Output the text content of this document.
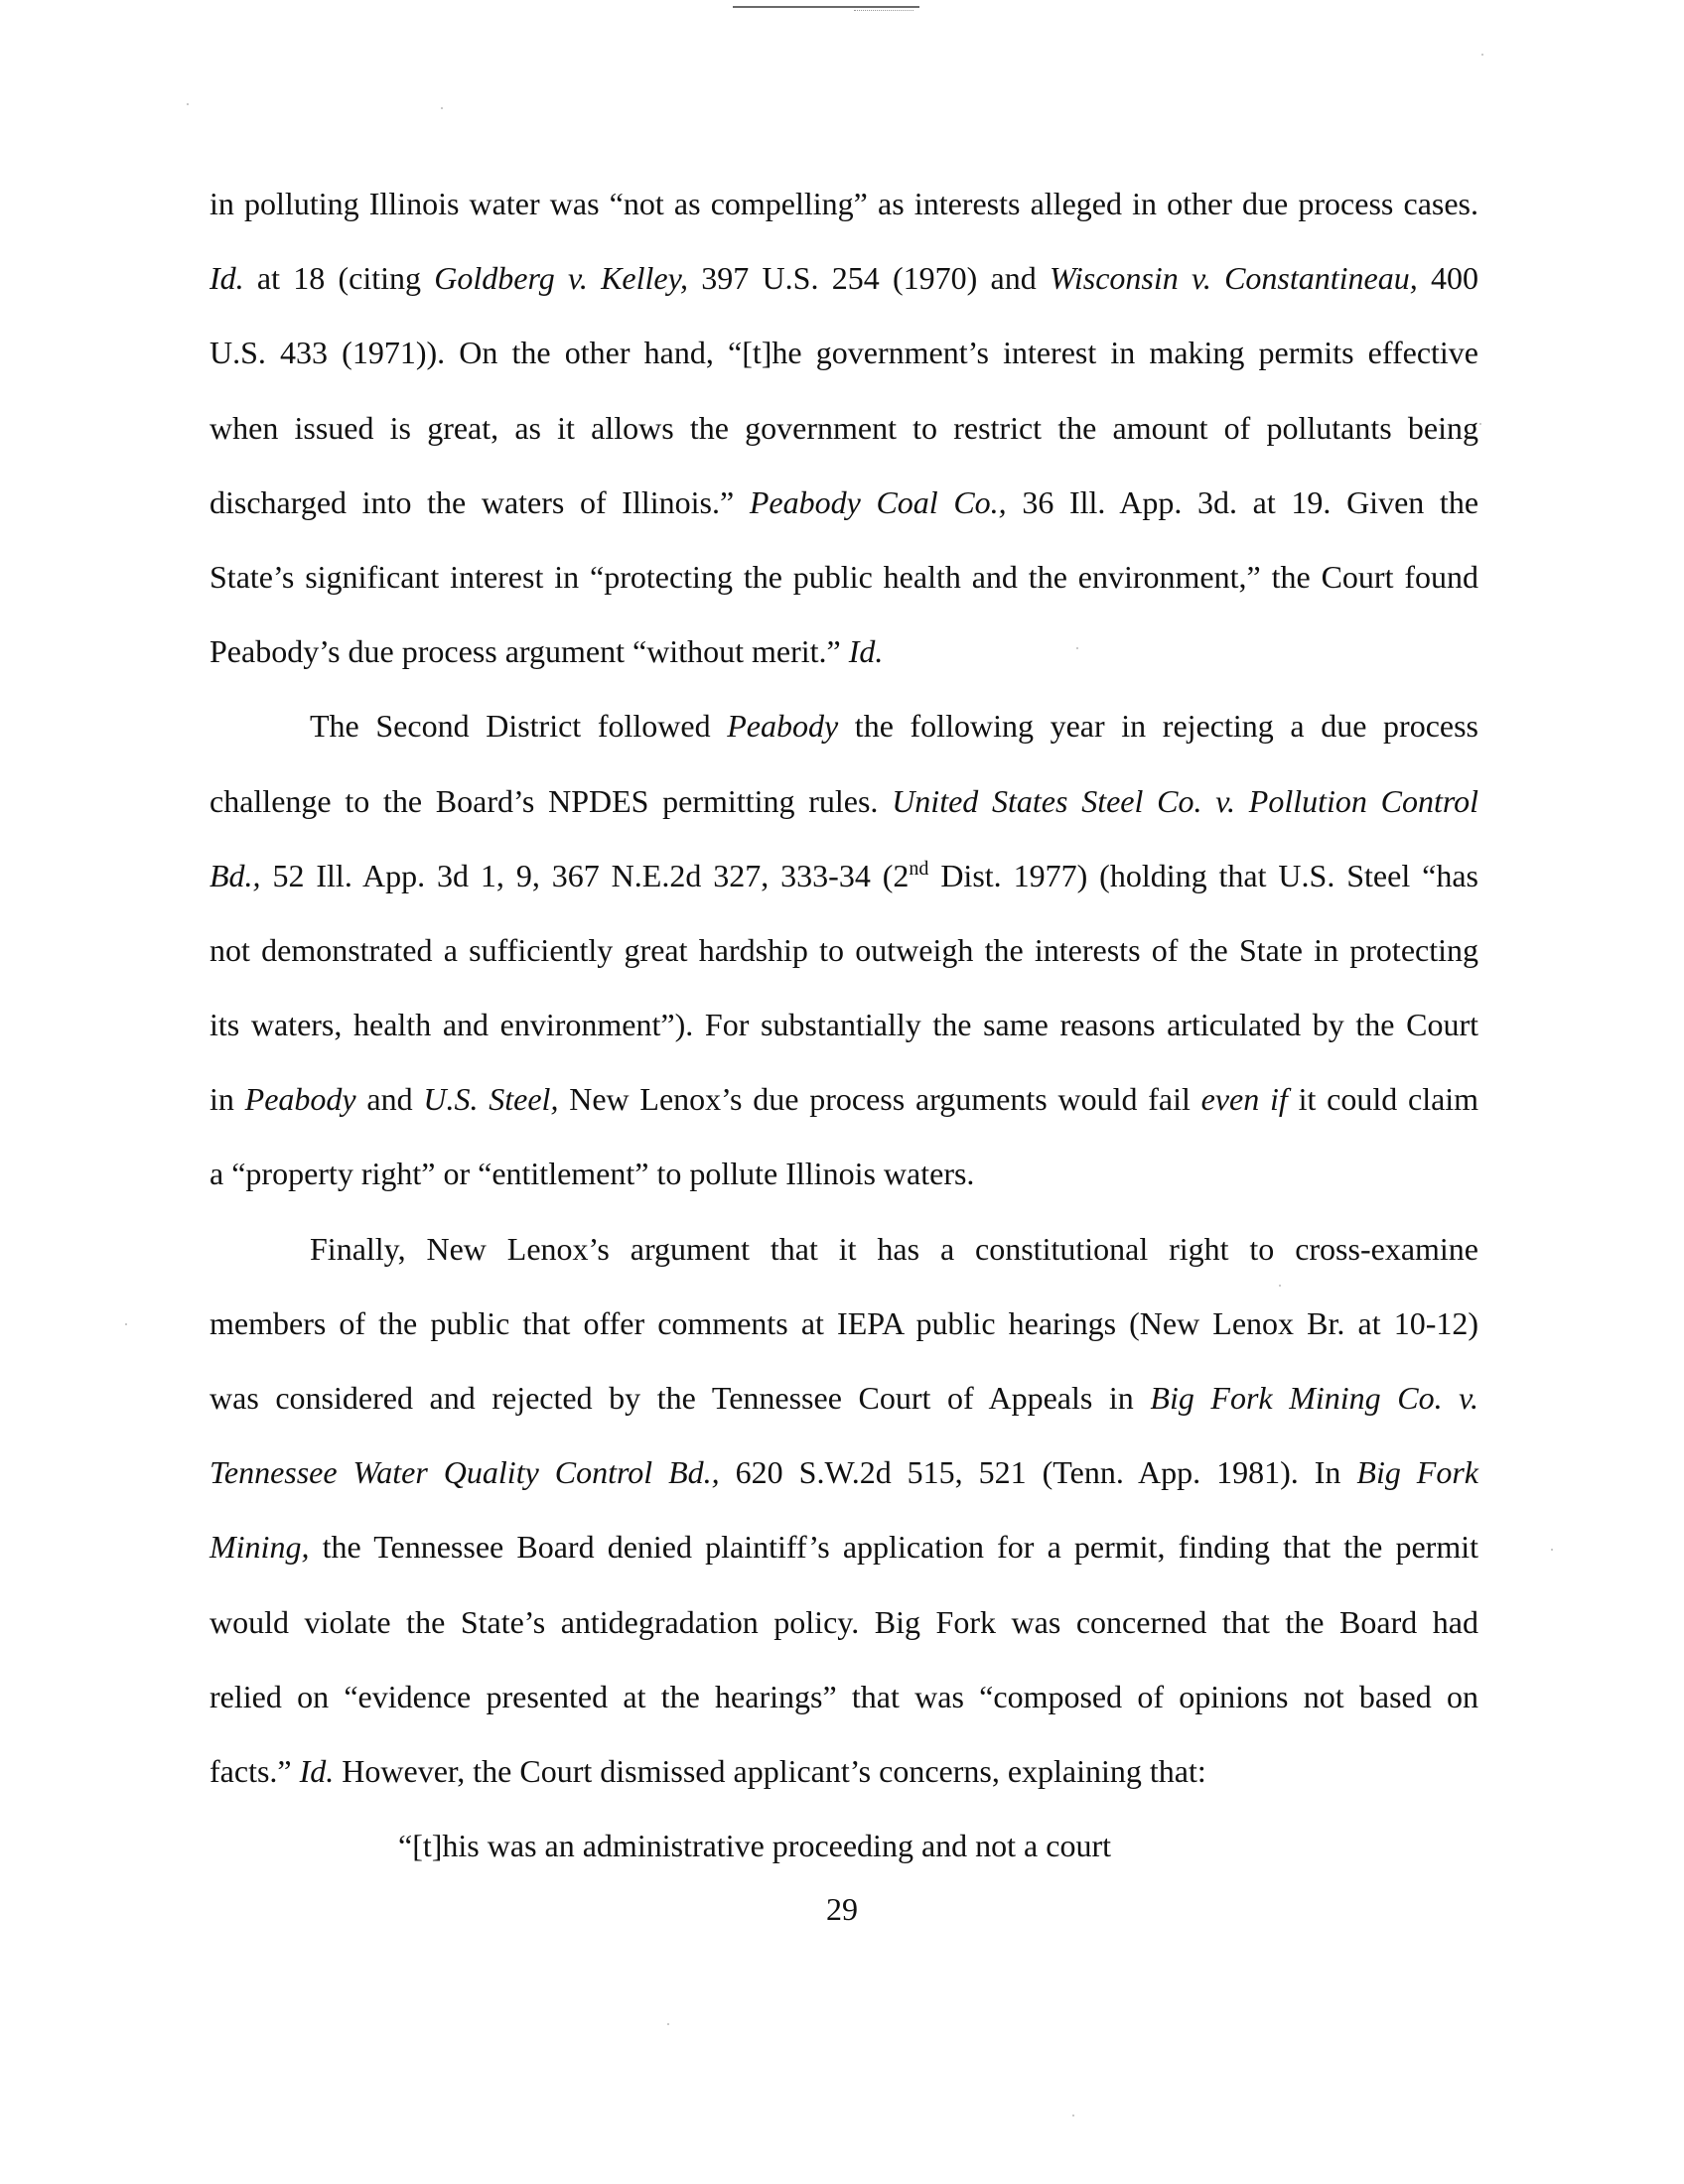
in polluting Illinois water was “not as compelling” as interests alleged in other due process cases.
Id. at 18 (citing Goldberg v. Kelley, 397 U.S. 254 (1970) and Wisconsin v. Constantineau, 400
U.S. 433 (1971)). On the other hand, “[t]he government’s interest in making permits effective
when issued is great, as it allows the government to restrict the amount of pollutants being
discharged into the waters of Illinois.” Peabody Coal Co., 36 Ill. App. 3d. at 19. Given the
State’s significant interest in “protecting the public health and the environment,” the Court found
Peabody’s due process argument “without merit.” Id.
The Second District followed Peabody the following year in rejecting a due process
challenge to the Board’s NPDES permitting rules. United States Steel Co. v. Pollution Control
Bd., 52 Ill. App. 3d 1, 9, 367 N.E.2d 327, 333-34 (2nd Dist. 1977) (holding that U.S. Steel “has
not demonstrated a sufficiently great hardship to outweigh the interests of the State in protecting
its waters, health and environment”). For substantially the same reasons articulated by the Court
in Peabody and U.S. Steel, New Lenox’s due process arguments would fail even if it could claim
a “property right” or “entitlement” to pollute Illinois waters.
Finally, New Lenox’s argument that it has a constitutional right to cross-examine
members of the public that offer comments at IEPA public hearings (New Lenox Br. at 10-12)
was considered and rejected by the Tennessee Court of Appeals in Big Fork Mining Co. v.
Tennessee Water Quality Control Bd., 620 S.W.2d 515, 521 (Tenn. App. 1981). In Big Fork
Mining, the Tennessee Board denied plaintiff’s application for a permit, finding that the permit
would violate the State’s antidegradation policy. Big Fork was concerned that the Board had
relied on “evidence presented at the hearings” that was “composed of opinions not based on
facts.” Id. However, the Court dismissed applicant’s concerns, explaining that:
“[t]his was an administrative proceeding and not a court
29
